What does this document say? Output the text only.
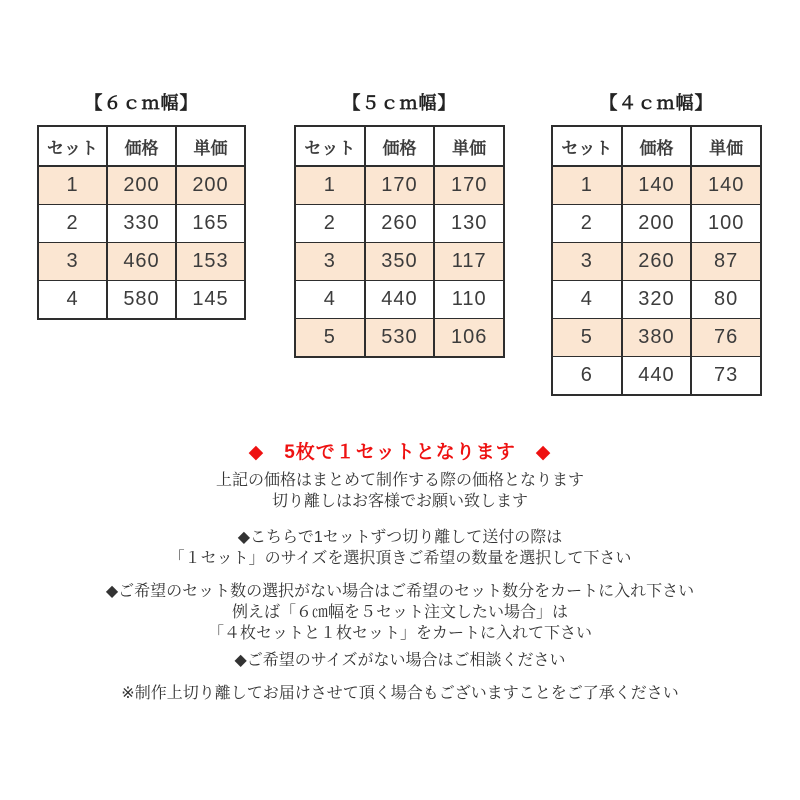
【６ｃｍ幅】
セット	価格	単価
1	200	200
2	330	165
3	460	153
4	580	145
【５ｃｍ幅】
セット	価格	単価
1	170	170
2	260	130
3	350	117
4	440	110
5	530	106
【４ｃｍ幅】
セット	価格	単価
1	140	140
2	200	100
3	260	87
4	320	80
5	380	76
6	440	73
◆　5枚で１セットとなります　◆
上記の価格はまとめて制作する際の価格となります
切り離しはお客様でお願い致します
◆こちらで1セットずつ切り離して送付の際は
「１セット」のサイズを選択頂きご希望の数量を選択して下さい
◆ご希望のセット数の選択がない場合はご希望のセット数分をカートに入れ下さい
例えば「６㎝幅を５セット注文したい場合」は
「４枚セットと１枚セット」をカートに入れて下さい
◆ご希望のサイズがない場合はご相談ください
※制作上切り離してお届けさせて頂く場合もございますことをご了承ください
